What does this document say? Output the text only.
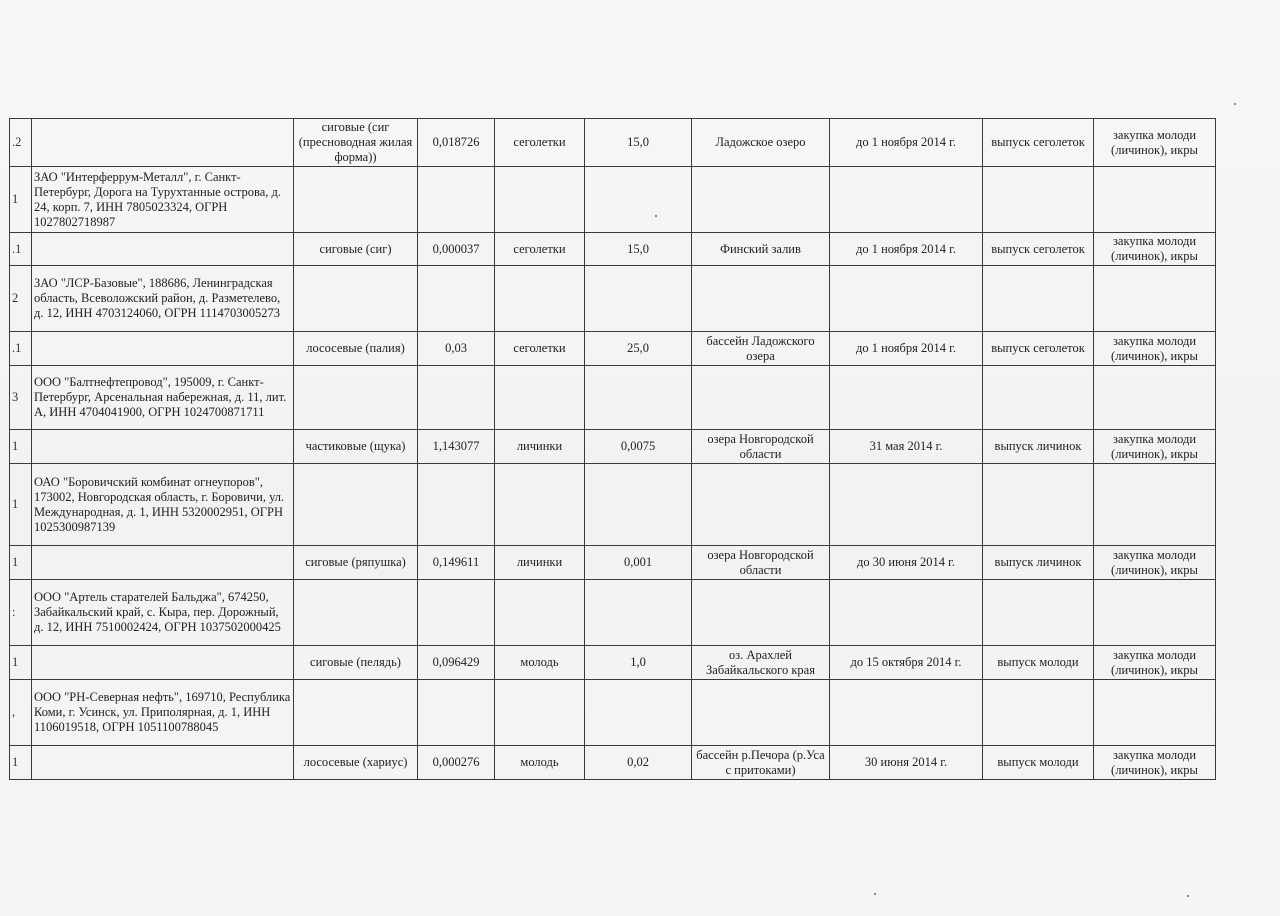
.2		сиговые (сиг (пресноводная жилая форма))	0,018726	сеголетки	15,0	Ладожское озеро	до 1 ноября 2014 г.	выпуск сеголеток	закупка молоди (личинок), икры
1	ЗАО "Интерферрум-Металл", г. Санкт-Петербург, Дорога на Турухтанные острова, д. 24, корп. 7, ИНН 7805023324, ОГРН 1027802718987								
.1		сиговые (сиг)	0,000037	сеголетки	15,0	Финский залив	до 1 ноября 2014 г.	выпуск сеголеток	закупка молоди (личинок), икры
2	ЗАО "ЛСР-Базовые", 188686, Ленинградская область, Всеволожский район, д. Разметелево, д. 12, ИНН 4703124060, ОГРН 1114703005273								
.1		лососевые (палия)	0,03	сеголетки	25,0	бассейн Ладожского озера	до 1 ноября 2014 г.	выпуск сеголеток	закупка молоди (личинок), икры
3	ООО "Балтнефтепровод", 195009, г. Санкт-Петербург, Арсенальная набережная, д. 11, лит. А, ИНН 4704041900, ОГРН 1024700871711								
1		частиковые (щука)	1,143077	личинки	0,0075	озера Новгородской области	31 мая 2014 г.	выпуск личинок	закупка молоди (личинок), икры
1	ОАО "Боровичский комбинат огнеупоров", 173002, Новгородская область, г. Боровичи, ул. Международная, д. 1, ИНН 5320002951, ОГРН 1025300987139								
1		сиговые (ряпушка)	0,149611	личинки	0,001	озера Новгородской области	до 30 июня 2014 г.	выпуск личинок	закупка молоди (личинок), икры
:	ООО "Артель старателей Бальджа", 674250, Забайкальский край, с. Кыра, пер. Дорожный, д. 12, ИНН 7510002424, ОГРН 1037502000425								
1		сиговые (пелядь)	0,096429	молодь	1,0	оз. Арахлей Забайкальского края	до 15 октября 2014 г.	выпуск молоди	закупка молоди (личинок), икры
,	ООО "РН-Северная нефть", 169710, Республика Коми, г. Усинск, ул. Приполярная, д. 1, ИНН 1106019518, ОГРН 1051100788045								
1		лососевые (хариус)	0,000276	молодь	0,02	бассейн р.Печора (р.Уса с притоками)	30 июня 2014 г.	выпуск молоди	закупка молоди (личинок), икры
